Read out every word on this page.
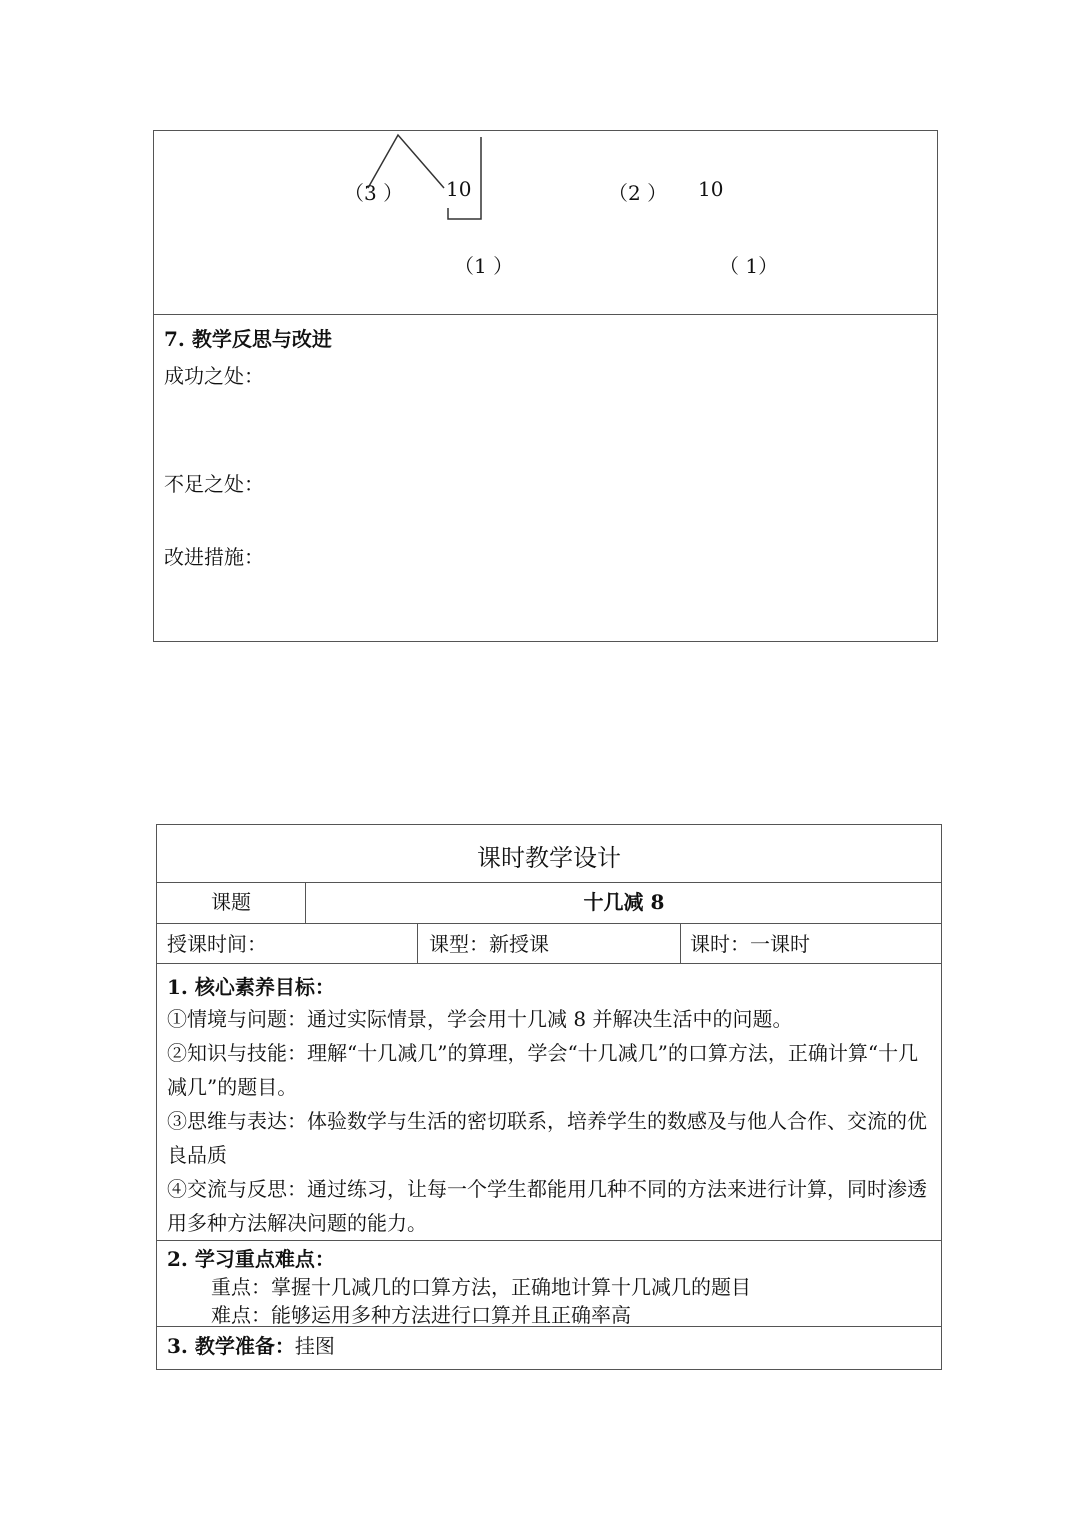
（3 ） 10
（1 ）
（2 ） 10
（ 1）
7. 教学反思与改进
成功之处：
不足之处：
改进措施：
课时教学设计
课题	十几减 8
授课时间：	课型：新授课	课时：一课时
1. 核心素养目标：
①情境与问题：通过实际情景，学会用十几减 8 并解决生活中的问题。
②知识与技能：理解“十几减几”的算理，学会“十几减几”的口算方法，正确计算“十几减几”的题目。
③思维与表达：体验数学与生活的密切联系，培养学生的数感及与他人合作、交流的优良品质
④交流与反思：通过练习，让每一个学生都能用几种不同的方法来进行计算，同时渗透用多种方法解决问题的能力。
2. 学习重点难点：
重点：掌握十几减几的口算方法，正确地计算十几减几的题目
难点：能够运用多种方法进行口算并且正确率高
3. 教学准备：挂图
